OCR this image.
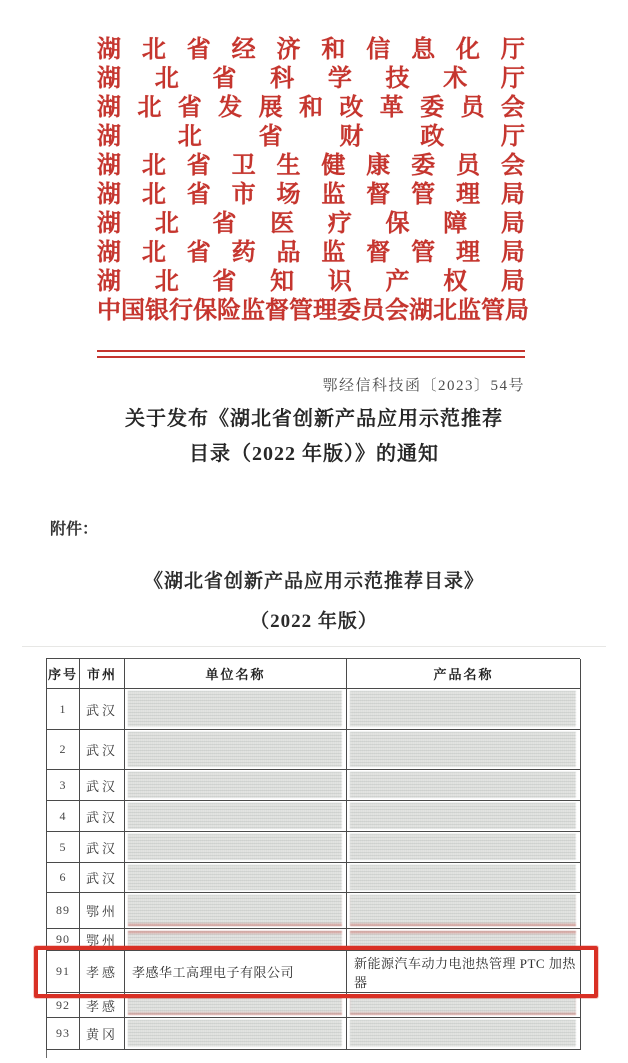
湖 北 省 经 济 和 信 息 化 厅
湖 北 省 科 学 技 术 厅
湖 北 省 发 展 和 改 革 委 员 会
湖 北 省 财 政 厅
湖 北 省 卫 生 健 康 委 员 会
湖 北 省 市 场 监 督 管 理 局
湖 北 省 医 疗 保 障 局
湖 北 省 药 品 监 督 管 理 局
湖 北 省 知 识 产 权 局
中 国 银 行 保 险 监 督 管 理 委 员 会 湖 北 监 管 局
鄂经信科技函〔2023〕54号
关于发布《湖北省创新产品应用示范推荐
目录（2022 年版）》的通知
附件：
《湖北省创新产品应用示范推荐目录》
（2022 年版）
序号 市州	单位名称	产品名称
1	武汉
2	武汉
3	武汉
4	武汉
5	武汉
6	武汉
89	鄂州
90	鄂州
91	孝感	孝感华工高理电子有限公司
新能源汽车动力电池热管理 PTC 加热器
92	孝感
93	黄冈
